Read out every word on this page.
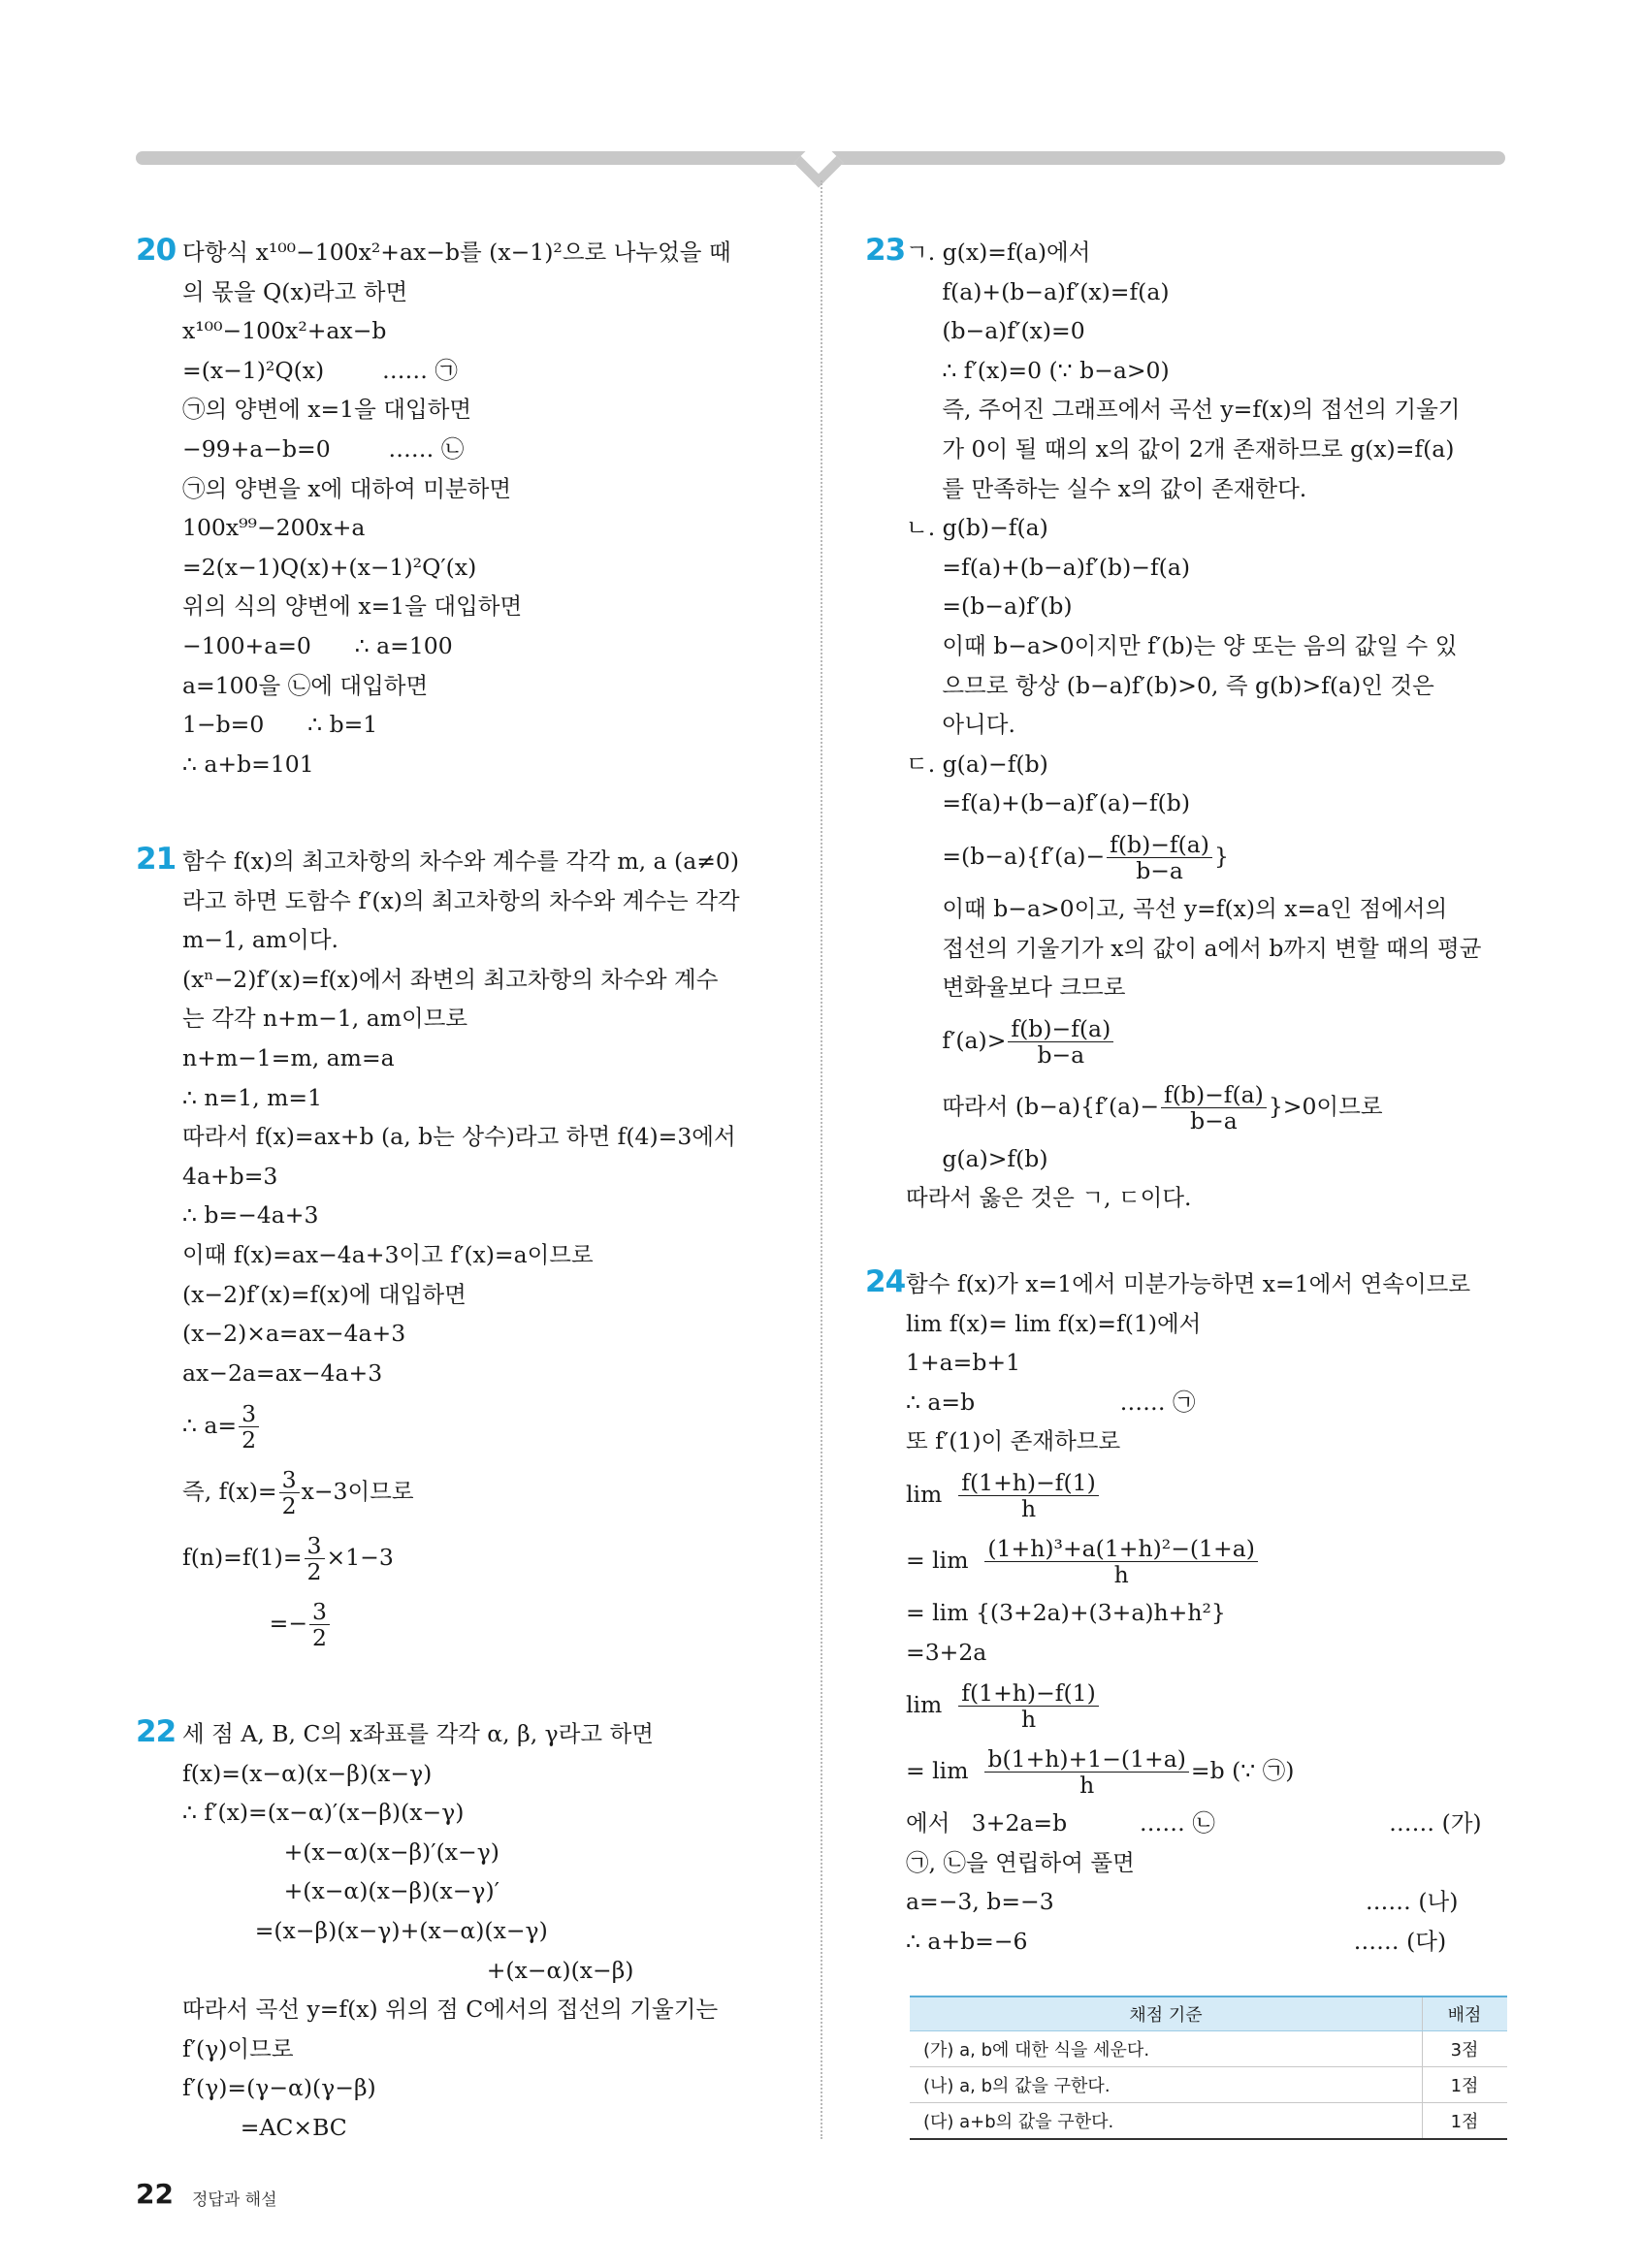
20 다항식 x¹⁰⁰−100x²+ax−b를 (x−1)²으로 나누었을 때
의 몫을 Q(x)라고 하면
x¹⁰⁰−100x²+ax−b
=(x−1)²Q(x)        …… ㉠
㉠의 양변에 x=1을 대입하면
−99+a−b=0        …… ㉡
㉠의 양변을 x에 대하여 미분하면
100x⁹⁹−200x+a
=2(x−1)Q(x)+(x−1)²Q′(x)
위의 식의 양변에 x=1을 대입하면
−100+a=0      ∴ a=100
a=100을 ㉡에 대입하면
1−b=0      ∴ b=1
∴ a+b=101
21 함수 f(x)의 최고차항의 차수와 계수를 각각 m, a (a≠0)
라고 하면 도함수 f′(x)의 최고차항의 차수와 계수는 각각
m−1, am이다.
(xⁿ−2)f′(x)=f(x)에서 좌변의 최고차항의 차수와 계수
는 각각 n+m−1, am이므로
n+m−1=m, am=a
∴ n=1, m=1
따라서 f(x)=ax+b (a, b는 상수)라고 하면 f(4)=3에서
4a+b=3
∴ b=−4a+3
이때 f(x)=ax−4a+3이고 f′(x)=a이므로
(x−2)f′(x)=f(x)에 대입하면
(x−2)×a=ax−4a+3
ax−2a=ax−4a+3
∴ $a= \frac{3}{2}$
즉, $f(x)= \frac{3}{2} x-3$이므로
$f(n)=f(1)= \frac{3}{2} \times 1-3$
=− $\frac{3}{2}$
22 세 점 A, B, C의 x좌표를 각각 α, β, γ라고 하면
f(x)=(x−α)(x−β)(x−γ)
∴ f′(x)=(x−α)′(x−β)(x−γ)
+(x−α)(x−β)′(x−γ)
+(x−α)(x−β)(x−γ)′
=(x−β)(x−γ)+(x−α)(x−γ)
+(x−α)(x−β)
따라서 곡선 y=f(x) 위의 점 C에서의 접선의 기울기는
f′(γ)이므로
f′(γ)=(γ−α)(γ−β)
=AC×BC
23 ㄱ. g(x)=f(a)에서
f(a)+(b−a)f′(x)=f(a)
(b−a)f′(x)=0
∴ f′(x)=0 (∵ b−a>0)
즉, 주어진 그래프에서 곡선 y=f(x)의 접선의 기울기
가 0이 될 때의 x의 값이 2개 존재하므로 g(x)=f(a)
를 만족하는 실수 x의 값이 존재한다.
ㄴ. g(b)−f(a)
=f(a)+(b−a)f′(b)−f(a)
=(b−a)f′(b)
이때 b−a>0이지만 f′(b)는 양 또는 음의 값일 수 있
으므로 항상 (b−a)f′(b)>0, 즉 g(b)>f(a)인 것은
아니다.
ㄷ. g(a)−f(b)
=f(a)+(b−a)f′(a)−f(b)
$=(b-a)\{f'(a)- \frac{f(b)-f(a)}{b-a}$ }
이때 b−a>0이고, 곡선 y=f(x)의 x=a인 점에서의
접선의 기울기가 x의 값이 a에서 b까지 변할 때의 평균
변화율보다 크므로
$f'(a)> \frac{f(b)-f(a)}{b-a}$
따라서 $(b-a)\{f'(a)- \frac{f(b)-f(a)}{b-a} \}>0$이므로
g(a)>f(b)
따라서 옳은 것은 ㄱ, ㄷ이다.
24 함수 f(x)가 x=1에서 미분가능하면 x=1에서 연속이므로
lim f(x)= lim f(x)=f(1)에서
1+a=b+1
∴ a=b                    …… ㉠
또 f′(1)이 존재하므로
$\lim \frac{f(1+h)-f(1)}{h}$
= $\lim \frac{\text{(1+h)³+a(1+h)²−(1+a)}}{h}$
= lim {(3+2a)+(3+a)h+h²}
=3+2a
$\lim \frac{f(1+h)-f(1)}{h}$
= $\lim \frac{b(1+h)+1-(1+a)}{h} =b$ (∵ ㉠)
에서   3+2a=b          …… ㉡                        …… (가)
㉠, ㉡을 연립하여 풀면
a=−3, b=−3                                           …… (나)
∴ a+b=−6                                             …… (다)
채점 기준	배점
(가) a, b에 대한 식을 세운다.	3점
(나) a, b의 값을 구한다.	1점
(다) a+b의 값을 구한다.	1점
22 정답과 해설
